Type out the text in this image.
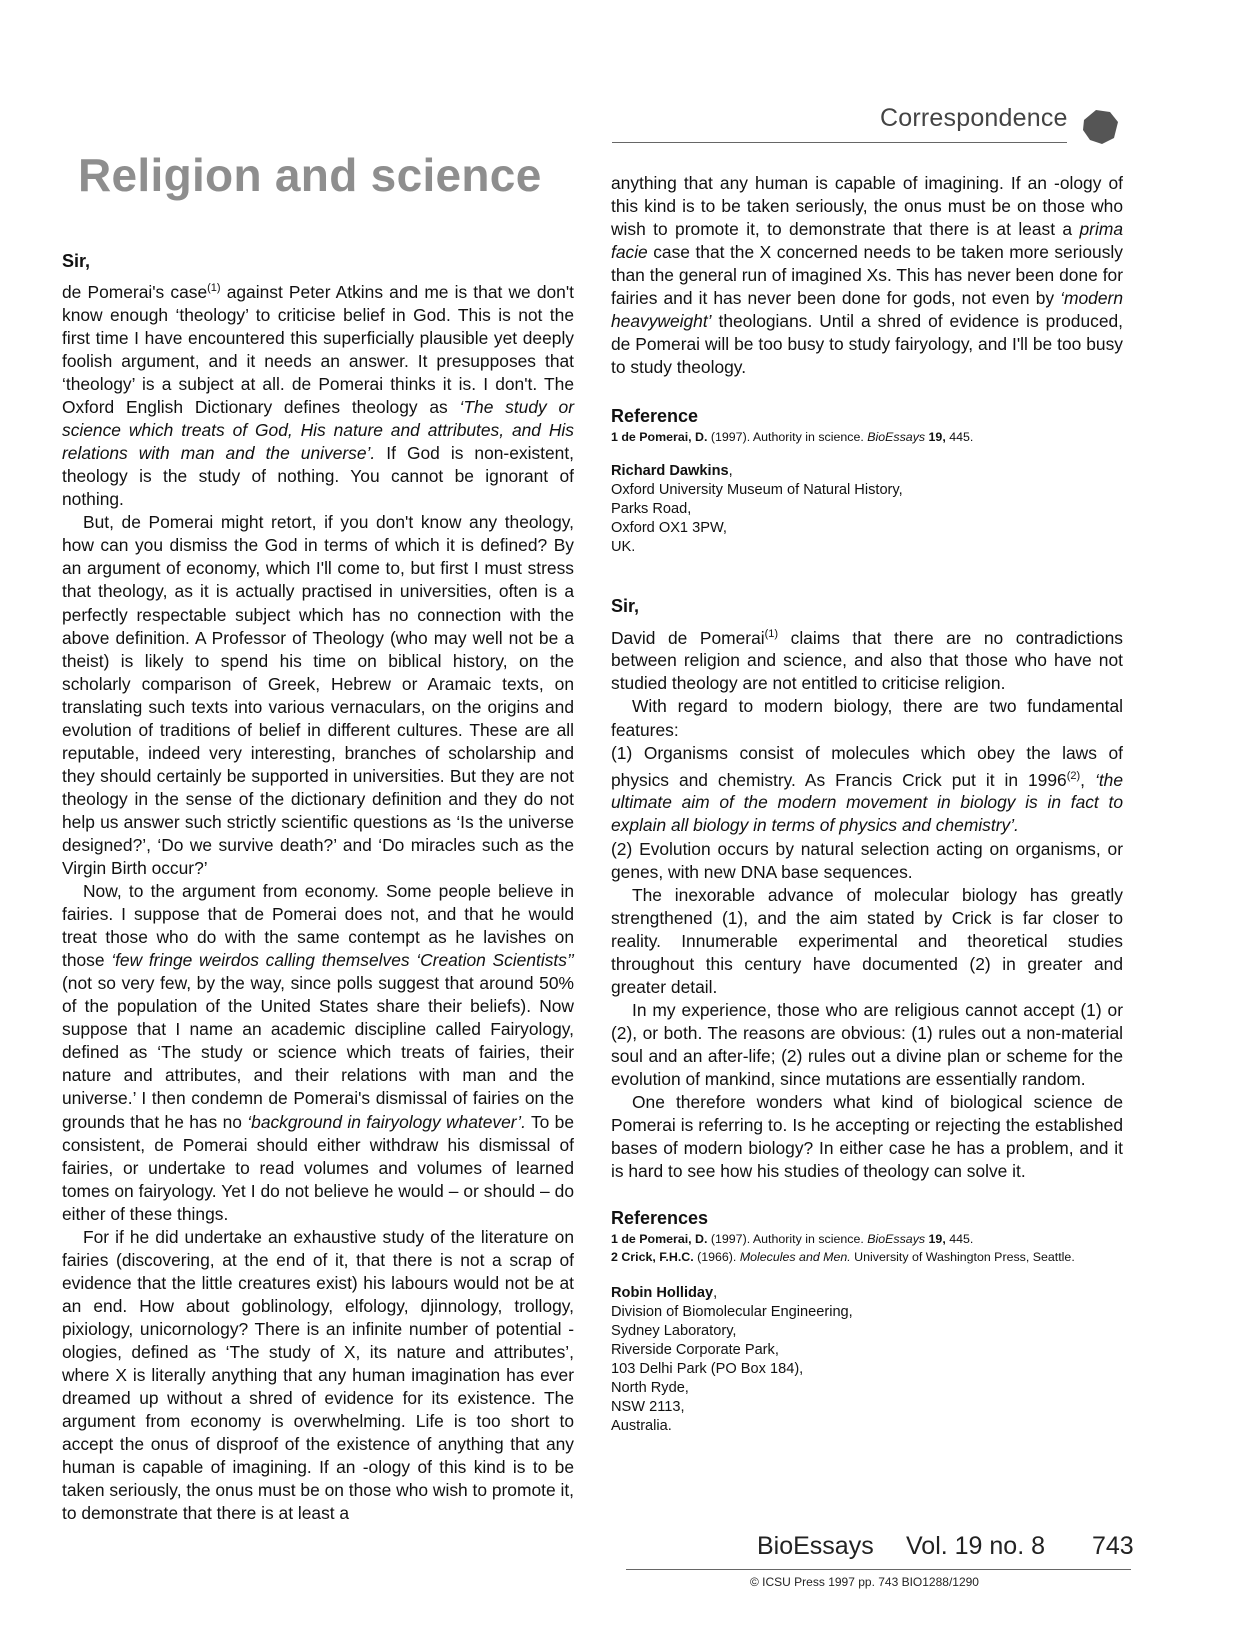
Correspondence
Religion and science
Sir,

de Pomerai's case$^{(1)}$ against Peter Atkins and me is that we don't know enough ‘theology’ to criticise belief in God. This is not the first time I have encountered this superficially plausible yet deeply foolish argument, and it needs an answer. It presupposes that ‘theology’ is a subject at all. de Pomerai thinks it is. I don't. The Oxford English Dictionary defines theology as ‘The study or science which treats of God, His nature and attributes, and His relations with man and the universe’. If God is non-existent, theology is the study of nothing. You cannot be ignorant of nothing.

But, de Pomerai might retort, if you don't know any theology, how can you dismiss the God in terms of which it is defined? By an argument of economy, which I'll come to, but first I must stress that theology, as it is actually practised in universities, often is a perfectly respectable subject which has no connection with the above definition. A Professor of Theology (who may well not be a theist) is likely to spend his time on biblical history, on the scholarly comparison of Greek, Hebrew or Aramaic texts, on translating such texts into various vernaculars, on the origins and evolution of traditions of belief in different cultures. These are all reputable, indeed very interesting, branches of scholarship and they should certainly be supported in universities. But they are not theology in the sense of the dictionary definition and they do not help us answer such strictly scientific questions as ‘Is the universe designed?’, ‘Do we survive death?’ and ‘Do miracles such as the Virgin Birth occur?’

Now, to the argument from economy. Some people believe in fairies. I suppose that de Pomerai does not, and that he would treat those who do with the same contempt as he lavishes on those ‘few fringe weirdos calling themselves ‘Creation Scientists’’ (not so very few, by the way, since polls suggest that around 50% of the population of the United States share their beliefs). Now suppose that I name an academic discipline called Fairyology, defined as ‘The study or science which treats of fairies, their nature and attributes, and their relations with man and the universe.’ I then condemn de Pomerai's dismissal of fairies on the grounds that he has no ‘background in fairyology whatever’. To be consistent, de Pomerai should either withdraw his dismissal of fairies, or undertake to read volumes and volumes of learned tomes on fairyology. Yet I do not believe he would – or should – do either of these things.

For if he did undertake an exhaustive study of the literature on fairies (discovering, at the end of it, that there is not a scrap of evidence that the little creatures exist) his labours would not be at an end. How about goblinology, elfology, djinnology, trollogy, pixiology, unicornology? There is an infinite number of potential -ologies, defined as ‘The study of X, its nature and attributes’, where X is literally anything that any human imagination has ever dreamed up without a shred of evidence for its existence. The argument from economy is overwhelming. Life is too short to accept the onus of disproof of the existence of anything that any human is capable of imagining. If an -ology of this kind is to be taken seriously, the onus must be on those who wish to promote it, to demonstrate that there is at least a

anything that any human is capable of imagining. If an -ology of this kind is to be taken seriously, the onus must be on those who wish to promote it, to demonstrate that there is at least a prima facie case that the X concerned needs to be taken more seriously than the general run of imagined Xs. This has never been done for fairies and it has never been done for gods, not even by ‘modern heavyweight’ theologians. Until a shred of evidence is produced, de Pomerai will be too busy to study fairyology, and I'll be too busy to study theology.

Reference
1 de Pomerai, D. (1997). Authority in science. BioEssays 19, 445.
Richard Dawkins,
Oxford University Museum of Natural History,
Parks Road,
Oxford OX1 3PW,
UK.
Sir,

David de Pomerai$^{(1)}$ claims that there are no contradictions between religion and science, and also that those who have not studied theology are not entitled to criticise religion.

With regard to modern biology, there are two fundamental features:

(1) Organisms consist of molecules which obey the laws of physics and chemistry. As Francis Crick put it in 1996$^{(2)}$, ‘the ultimate aim of the modern movement in biology is in fact to explain all biology in terms of physics and chemistry’.

(2) Evolution occurs by natural selection acting on organisms, or genes, with new DNA base sequences.

The inexorable advance of molecular biology has greatly strengthened (1), and the aim stated by Crick is far closer to reality. Innumerable experimental and theoretical studies throughout this century have documented (2) in greater and greater detail.

In my experience, those who are religious cannot accept (1) or (2), or both. The reasons are obvious: (1) rules out a non-material soul and an after-life; (2) rules out a divine plan or scheme for the evolution of mankind, since mutations are essentially random.

One therefore wonders what kind of biological science de Pomerai is referring to. Is he accepting or rejecting the established bases of modern biology? In either case he has a problem, and it is hard to see how his studies of theology can solve it.

References
1 de Pomerai, D. (1997). Authority in science. BioEssays 19, 445.
2 Crick, F.H.C. (1966). Molecules and Men. University of Washington Press, Seattle.
Robin Holliday,
Division of Biomolecular Engineering,
Sydney Laboratory,
Riverside Corporate Park,
103 Delhi Park (PO Box 184),
North Ryde,
NSW 2113,
Australia.
BioEssays Vol. 19 no. 8 743
© ICSU Press 1997 pp. 743 BIO1288/1290
